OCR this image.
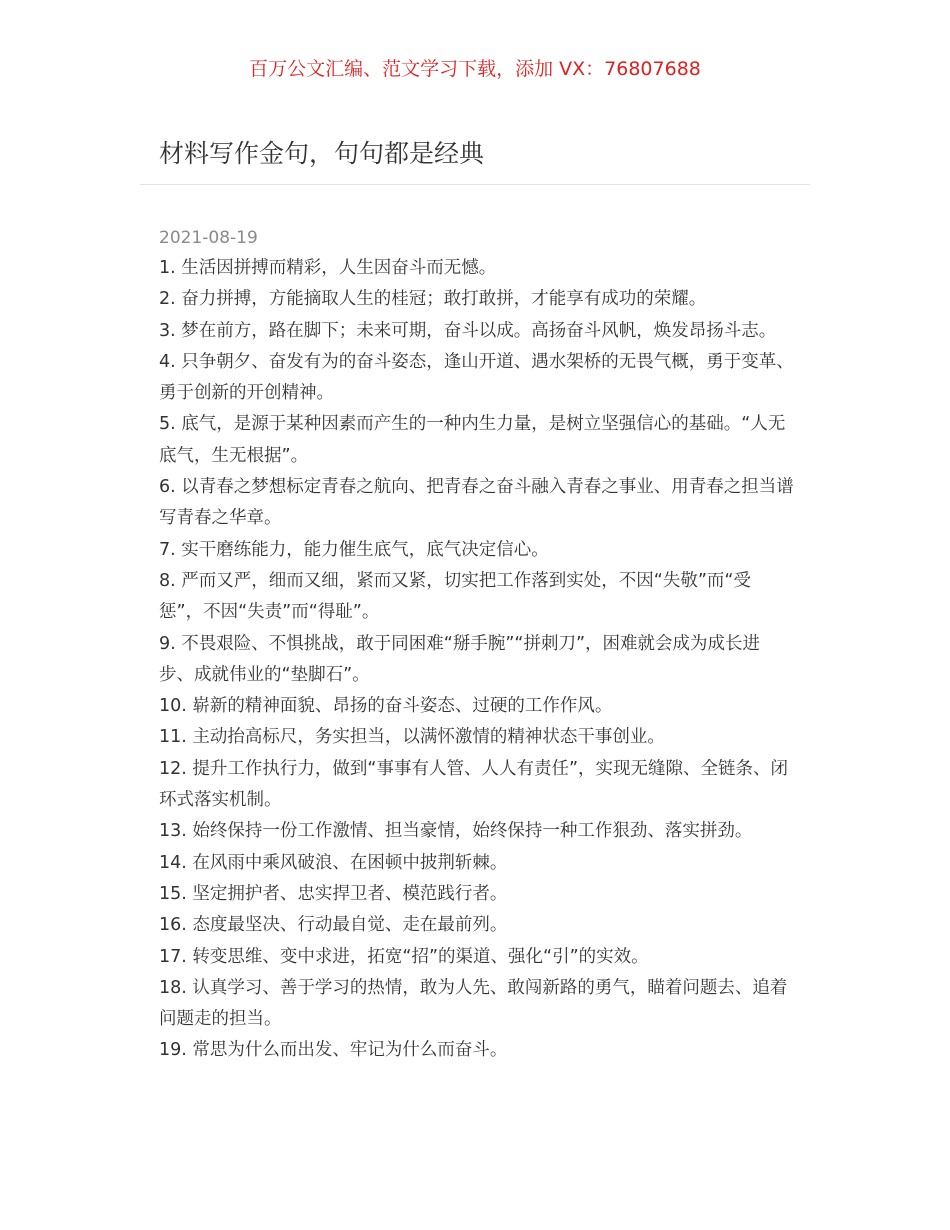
百万公文汇编、范文学习下载，添加 VX：76807688
材料写作金句，句句都是经典
2021-08-19

1. 生活因拼搏而精彩，人生因奋斗而无憾。

2. 奋力拼搏，方能摘取人生的桂冠；敢打敢拼，才能享有成功的荣耀。

3. 梦在前方，路在脚下；未来可期，奋斗以成。高扬奋斗风帆，焕发昂扬斗志。

4. 只争朝夕、奋发有为的奋斗姿态，逢山开道、遇水架桥的无畏气概，勇于变革、勇于创新的开创精神。

5. 底气，是源于某种因素而产生的一种内生力量，是树立坚强信心的基础。“人无底气，生无根据”。

6. 以青春之梦想标定青春之航向、把青春之奋斗融入青春之事业、用青春之担当谱写青春之华章。

7. 实干磨练能力，能力催生底气，底气决定信心。

8. 严而又严，细而又细，紧而又紧，切实把工作落到实处，不因“失敬”而“受惩”，不因“失责”而“得耻”。

9. 不畏艰险、不惧挑战，敢于同困难“掰手腕”“拼刺刀”，困难就会成为成长进步、成就伟业的“垫脚石”。

10. 崭新的精神面貌、昂扬的奋斗姿态、过硬的工作作风。

11. 主动抬高标尺，务实担当，以满怀激情的精神状态干事创业。

12. 提升工作执行力，做到“事事有人管、人人有责任”，实现无缝隙、全链条、闭环式落实机制。

13. 始终保持一份工作激情、担当豪情，始终保持一种工作狠劲、落实拼劲。

14. 在风雨中乘风破浪、在困顿中披荆斩棘。

15. 坚定拥护者、忠实捍卫者、模范践行者。

16. 态度最坚决、行动最自觉、走在最前列。

17. 转变思维、变中求进，拓宽“招”的渠道、强化“引”的实效。

18. 认真学习、善于学习的热情，敢为人先、敢闯新路的勇气，瞄着问题去、追着问题走的担当。

19. 常思为什么而出发、牢记为什么而奋斗。
